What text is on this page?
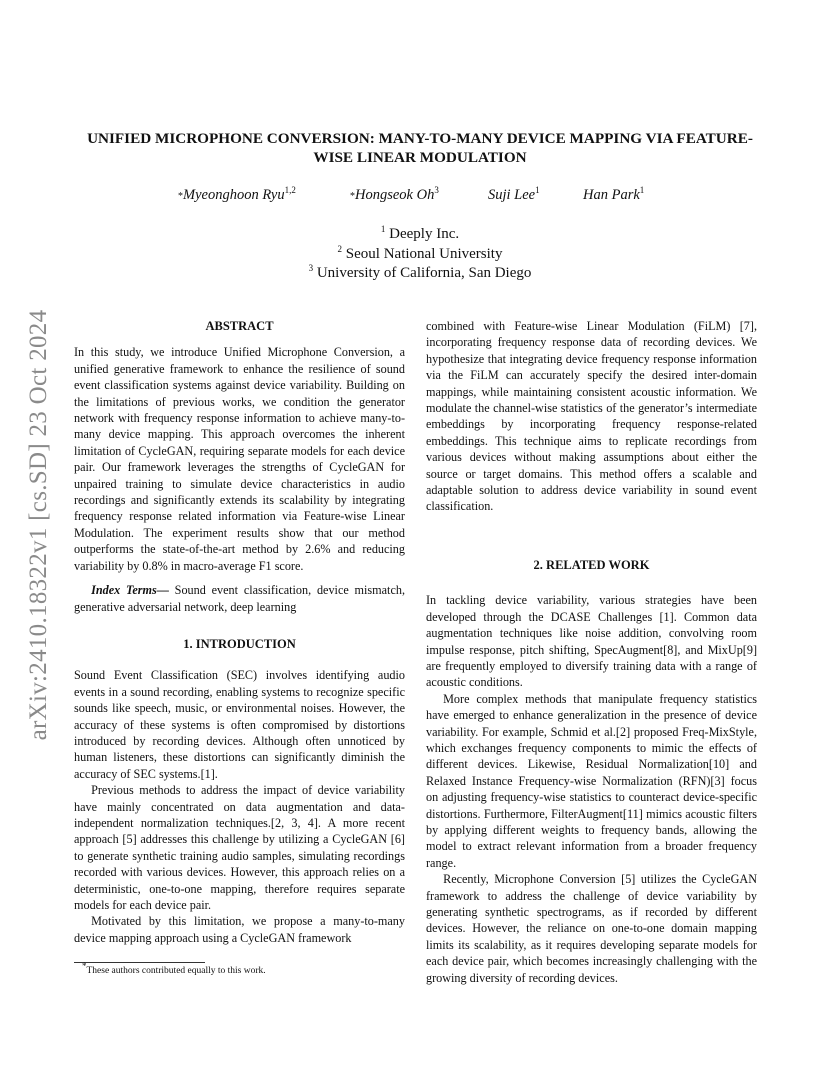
arXiv:2410.18322v1 [cs.SD] 23 Oct 2024
UNIFIED MICROPHONE CONVERSION: MANY-TO-MANY DEVICE MAPPING VIA FEATURE-WISE LINEAR MODULATION
*Myeonghoon Ryu$^{1,2}$
*Hongseok Oh$^3$	Suji Lee$^1$	Han Park$^1$
$^1$ Deeply Inc.
$^2$ Seoul National University
$^3$ University of California, San Diego

ABSTRACT

In this study, we introduce Unified Microphone Conversion, a unified generative framework to enhance the resilience of sound event classification systems against device variability. Building on the limitations of previous works, we condition the generator network with frequency response information to achieve many-to-many device mapping. This approach overcomes the inherent limitation of CycleGAN, requiring separate models for each device pair. Our framework leverages the strengths of CycleGAN for unpaired training to simulate device characteristics in audio recordings and significantly extends its scalability by integrating frequency response related information via Feature-wise Linear Modulation. The experiment results show that our method outperforms the state-of-the-art method by 2.6% and reducing variability by 0.8% in macro-average F1 score.

Index Terms— Sound event classification, device mismatch, generative adversarial network, deep learning

1. INTRODUCTION

Sound Event Classification (SEC) involves identifying audio events in a sound recording, enabling systems to recognize specific sounds like speech, music, or environmental noises. However, the accuracy of these systems is often compromised by distortions introduced by recording devices. Although often unnoticed by human listeners, these distortions can significantly diminish the accuracy of SEC systems.[1].

Previous methods to address the impact of device variability have mainly concentrated on data augmentation and data-independent normalization techniques.[2, 3, 4]. A more recent approach [5] addresses this challenge by utilizing a CycleGAN [6] to generate synthetic training audio samples, simulating recordings recorded with various devices. However, this approach relies on a deterministic, one-to-one mapping, therefore requires separate models for each device pair.

Motivated by this limitation, we propose a many-to-many device mapping approach using a CycleGAN framework

combined with Feature-wise Linear Modulation (FiLM) [7], incorporating frequency response data of recording devices. We hypothesize that integrating device frequency response information via the FiLM can accurately specify the desired inter-domain mappings, while maintaining consistent acoustic information. We modulate the channel-wise statistics of the generator’s intermediate embeddings by incorporating frequency response-related embeddings. This technique aims to replicate recordings from various devices without making assumptions about either the source or target domains. This method offers a scalable and adaptable solution to address device variability in sound event classification.

2. RELATED WORK

In tackling device variability, various strategies have been developed through the DCASE Challenges [1]. Common data augmentation techniques like noise addition, convolving room impulse response, pitch shifting, SpecAugment[8], and MixUp[9] are frequently employed to diversify training data with a range of acoustic conditions.

More complex methods that manipulate frequency statistics have emerged to enhance generalization in the presence of device variability. For example, Schmid et al.[2] proposed Freq-MixStyle, which exchanges frequency components to mimic the effects of different devices. Likewise, Residual Normalization[10] and Relaxed Instance Frequency-wise Normalization (RFN)[3] focus on adjusting frequency-wise statistics to counteract device-specific distortions. Furthermore, FilterAugment[11] mimics acoustic filters by applying different weights to frequency bands, allowing the model to extract relevant information from a broader frequency range.

Recently, Microphone Conversion [5] utilizes the CycleGAN framework to address the challenge of device variability by generating synthetic spectrograms, as if recorded by different devices. However, the reliance on one-to-one domain mapping limits its scalability, as it requires developing separate models for each device pair, which becomes increasingly challenging with the growing diversity of recording devices.

*These authors contributed equally to this work.
